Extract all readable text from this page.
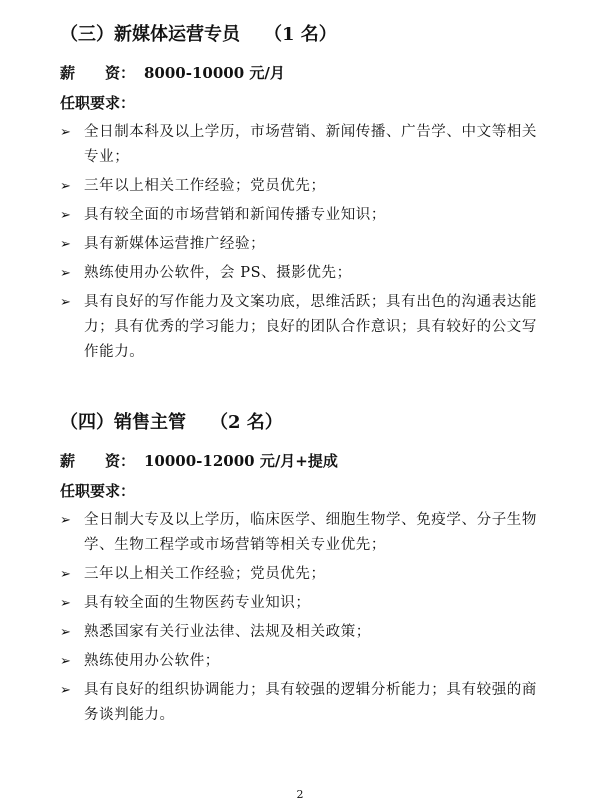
（三）新媒体运营专员 （1 名）
薪　　资： 8000-10000 元/月
任职要求：
➢ 全日制本科及以上学历，市场营销、新闻传播、广告学、中文等相关专业；
➢ 三年以上相关工作经验；党员优先；
➢ 具有较全面的市场营销和新闻传播专业知识；
➢ 具有新媒体运营推广经验；
➢ 熟练使用办公软件，会 PS、摄影优先；
➢ 具有良好的写作能力及文案功底，思维活跃；具有出色的沟通表达能力；具有优秀的学习能力；良好的团队合作意识；具有较好的公文写作能力。
（四）销售主管 （2 名）
薪　　资： 10000-12000 元/月+提成
任职要求：
➢ 全日制大专及以上学历，临床医学、细胞生物学、免疫学、分子生物学、生物工程学或市场营销等相关专业优先；
➢ 三年以上相关工作经验；党员优先；
➢ 具有较全面的生物医药专业知识；
➢ 熟悉国家有关行业法律、法规及相关政策；
➢ 熟练使用办公软件；
➢ 具有良好的组织协调能力；具有较强的逻辑分析能力；具有较强的商务谈判能力。
2
